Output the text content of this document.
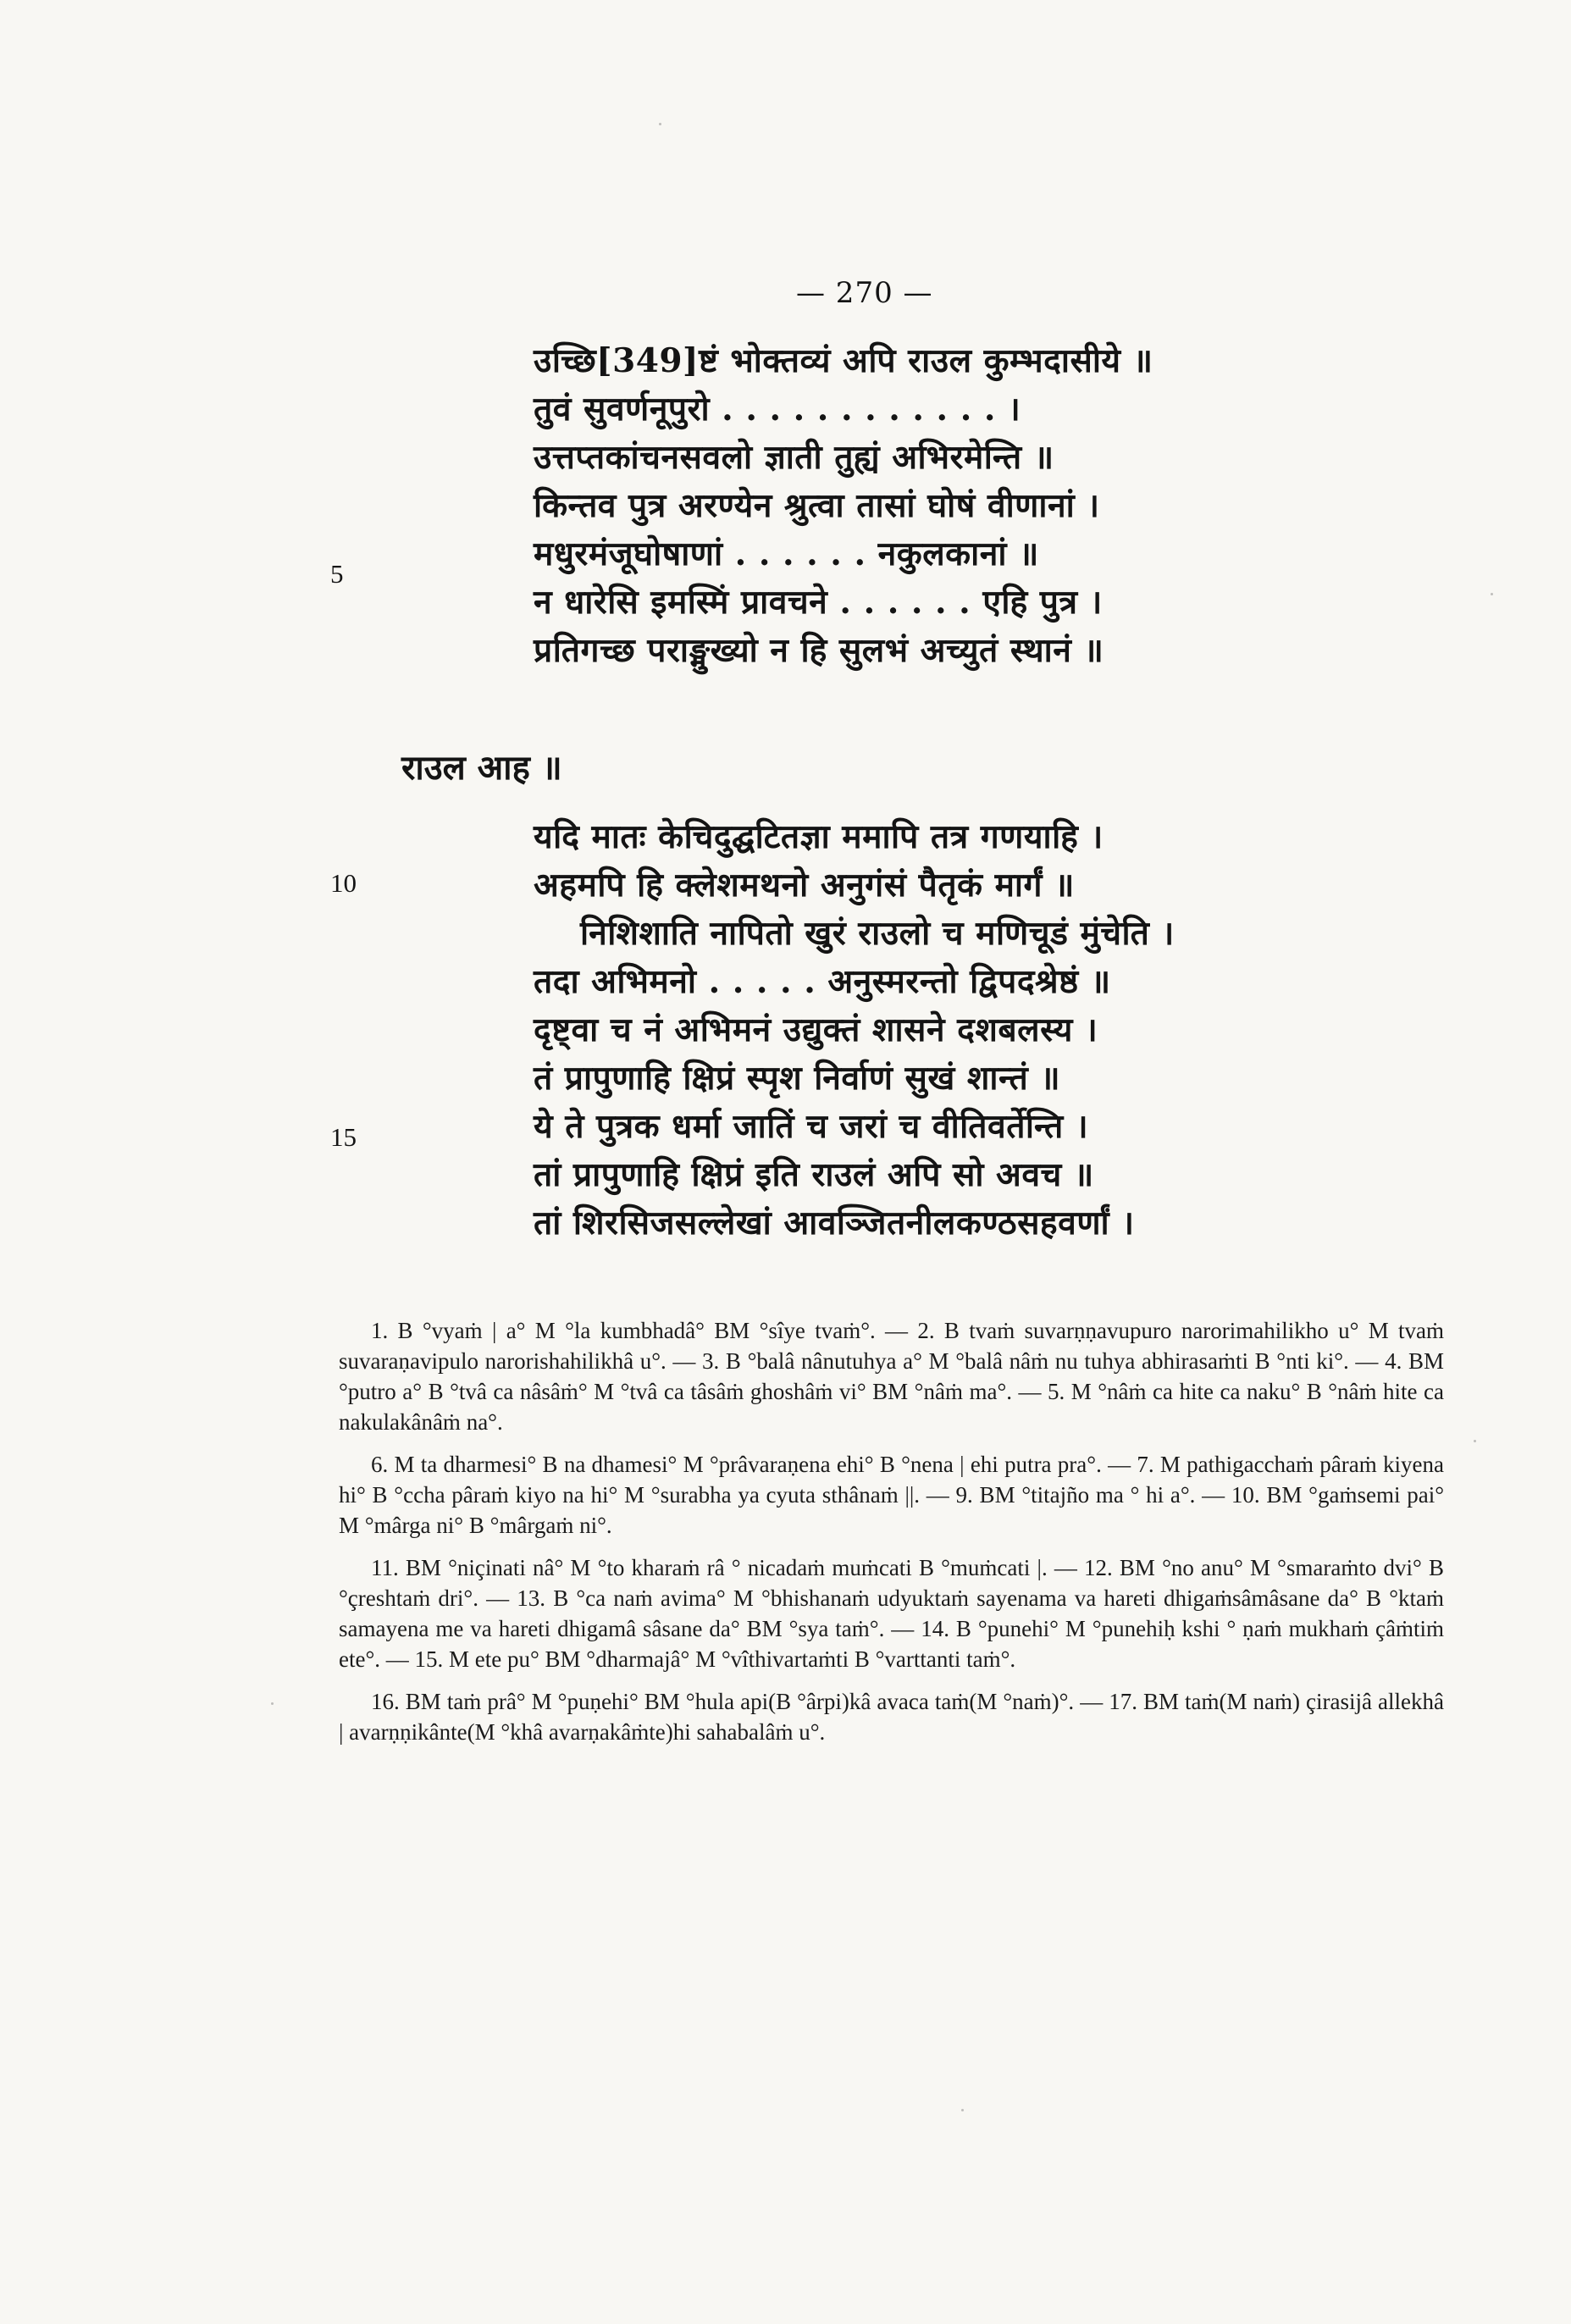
— 270 —
उच्छि[349]ष्टं भोक्तव्यं अपि राउल कुम्भदासीये ॥
तुवं सुवर्णनूपुरो . . . . . . . . . . . . ।
उत्तप्तकांचनसवलो ज्ञाती तुह्यं अभिरमेन्ति ॥
किन्तव पुत्र अरण्येन श्रुत्वा तासां घोषं वीणानां ।
मधुरमंजूघोषाणां . . . . . . नकुलकानां ॥
न धारेसि इमस्मिं प्रावचने . . . . . . एहि पुत्र ।
प्रतिगच्छ पराङ्मुख्यो न हि सुलभं अच्युतं स्थानं ॥
5
राउल आह ॥
यदि मातः केचिदुद्घटितज्ञा ममापि तत्र गणयाहि ।
अहमपि हि क्लेशमथनो अनुगंसं पैतृकं मार्गं ॥
निशिशाति नापितो खुरं राउलो च मणिचूडं मुंचेति ।
तदा अभिमनो . . . . . अनुस्मरन्तो द्विपदश्रेष्ठं ॥
दृष्ट्वा च नं अभिमनं उद्युक्तं शासने दशबलस्य ।
तं प्रापुणाहि क्षिप्रं स्पृश निर्वाणं सुखं शान्तं ॥
ये ते पुत्रक धर्मा जातिं च जरां च वीतिवर्तेन्ति ।
तां प्रापुणाहि क्षिप्रं इति राउलं अपि सो अवच ॥
तां शिरसिजसल्लेखां आवञ्जितनीलकण्ठसहवर्णां ।
10
15

1. B °vyaṁ | a° M °la kumbhadâ° BM °sîye tvaṁ°. — 2. B tvaṁ suvarṇṇavupuro narorimahilikho u° M tvaṁ suvaraṇavipulo narorishahilikhâ u°. — 3. B °balâ nânutuhya a° M °balâ nâṁ nu tuhya abhirasaṁti B °nti ki°. — 4. BM °putro a° B °tvâ ca nâsâṁ° M °tvâ ca tâsâṁ ghoshâṁ vi° BM °nâṁ ma°. — 5. M °nâṁ ca hite ca naku° B °nâṁ hite ca nakulakânâṁ na°.

6. M ta dharmesi° B na dhamesi° M °prâvaraṇena ehi° B °nena | ehi putra pra°. — 7. M pathigacchaṁ pâraṁ kiyena hi° B °ccha pâraṁ kiyo na hi° M °surabha ya cyuta sthânaṁ ||. — 9. BM °titajño ma ° hi a°. — 10. BM °gaṁsemi pai° M °mârga ni° B °mârgaṁ ni°.

11. BM °niçinati nâ° M °to kharaṁ râ ° nicadaṁ muṁcati B °muṁcati |. — 12. BM °no anu° M °smaraṁto dvi° B °çreshtaṁ dri°. — 13. B °ca naṁ avima° M °bhishanaṁ udyuktaṁ sayenama va hareti dhigaṁsâmâsane da° B °ktaṁ samayena me va hareti dhigamâ sâsane da° BM °sya taṁ°. — 14. B °punehi° M °punehiḥ kshi ° ṇaṁ mukhaṁ çâṁtiṁ ete°. — 15. M ete pu° BM °dharmajâ° M °vîthivartaṁti B °varttanti taṁ°.

16. BM taṁ prâ° M °puṇehi° BM °hula api(B °ârpi)kâ avaca taṁ(M °naṁ)°. — 17. BM taṁ(M naṁ) çirasijâ allekhâ | avarṇṇikânte(M °khâ avarṇakâṁte)hi sahabalâṁ u°.
